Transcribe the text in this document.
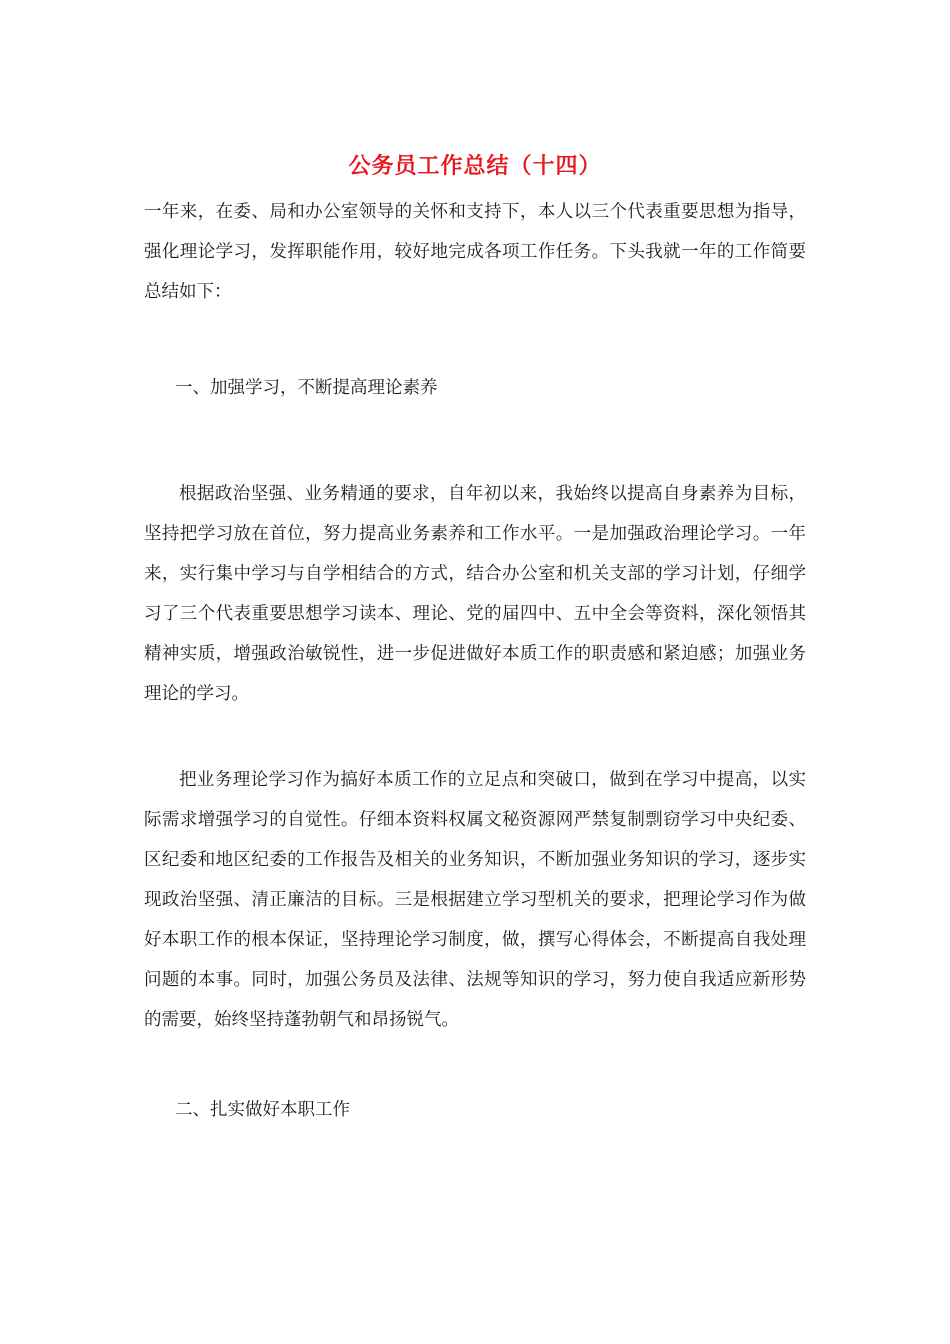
公务员工作总结（十四）
一年来，在委、局和办公室领导的关怀和支持下，本人以三个代表重要思想为指导，强化理论学习，发挥职能作用，较好地完成各项工作任务。下头我就一年的工作简要总结如下：
一、加强学习，不断提高理论素养
根据政治坚强、业务精通的要求，自年初以来，我始终以提高自身素养为目标，坚持把学习放在首位，努力提高业务素养和工作水平。一是加强政治理论学习。一年来，实行集中学习与自学相结合的方式，结合办公室和机关支部的学习计划，仔细学习了三个代表重要思想学习读本、理论、党的届四中、五中全会等资料，深化领悟其精神实质，增强政治敏锐性，进一步促进做好本质工作的职责感和紧迫感；加强业务理论的学习。
把业务理论学习作为搞好本质工作的立足点和突破口，做到在学习中提高，以实际需求增强学习的自觉性。仔细本资料权属文秘资源网严禁复制剽窃学习中央纪委、区纪委和地区纪委的工作报告及相关的业务知识，不断加强业务知识的学习，逐步实现政治坚强、清正廉洁的目标。三是根据建立学习型机关的要求，把理论学习作为做好本职工作的根本保证，坚持理论学习制度，做，撰写心得体会，不断提高自我处理问题的本事。同时，加强公务员及法律、法规等知识的学习，努力使自我适应新形势的需要，始终坚持蓬勃朝气和昂扬锐气。
二、扎实做好本职工作
